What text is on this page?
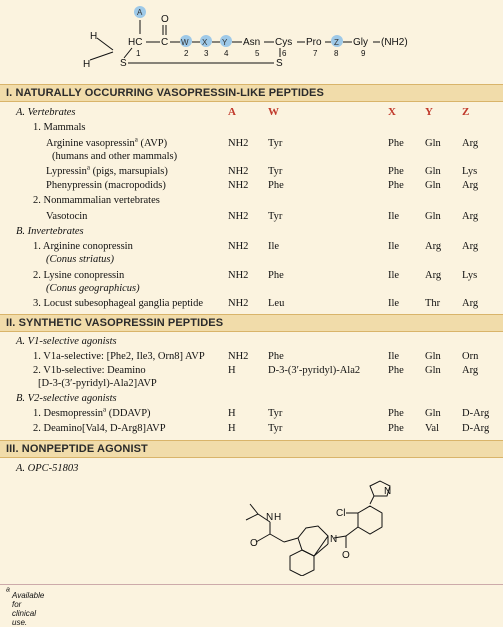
A
H
H
HC C
O
W X Y Asn Cys Pro Z Gly (NH2)
S	S
1	2 3 4	5	6	7 8	9
I. NATURALLY OCCURRING VASOPRESSIN-LIKE PEPTIDES
A	W	X	Y	Z
A. Vertebrates
1. Mammals
Arginine vasopressin$^a$ (AVP)	NH2 Tyr	Phe Gln Arg
(humans and other mammals)
Lypressin$^a$ (pigs, marsupials)	NH2 Tyr	Phe Gln Lys
Phenypressin (macropodids)	NH2 Phe	Phe Gln Arg
2. Nonmammalian vertebrates
Vasotocin	NH2 Tyr	Ile Gln Arg
B. Invertebrates
1. Arginine conopressin	NH2 Ile	Ile Arg Arg
(Conus striatus)
2. Lysine conopressin	NH2 Phe	Ile Arg Lys
(Conus geographicus)
3. Locust subesophageal ganglia peptide NH2 Leu	Ile Thr Arg
II. SYNTHETIC VASOPRESSIN PEPTIDES
A. V1-selective agonists
1. V1a-selective: [Phe2, Ile3, Orn8] AVP NH2 Phe	Ile Gln Orn
2. V1b-selective: Deamino	H	D-3-(3′-pyridyl)-Ala2	Phe Gln Arg
[D-3-(3′-pyridyl)-Ala2]AVP
B. V2-selective agonists
1. Desmopressin$^a$ (DDAVP)	H	Tyr	Phe Gln D-Arg
2. Deamino[Val4, D-Arg8]AVP	H	Tyr	Phe Val D-Arg
III. NONPEPTIDE AGONIST
A. OPC-51803
N
Cl
N
O
N H
O
$^a$
Available for clinical use.
